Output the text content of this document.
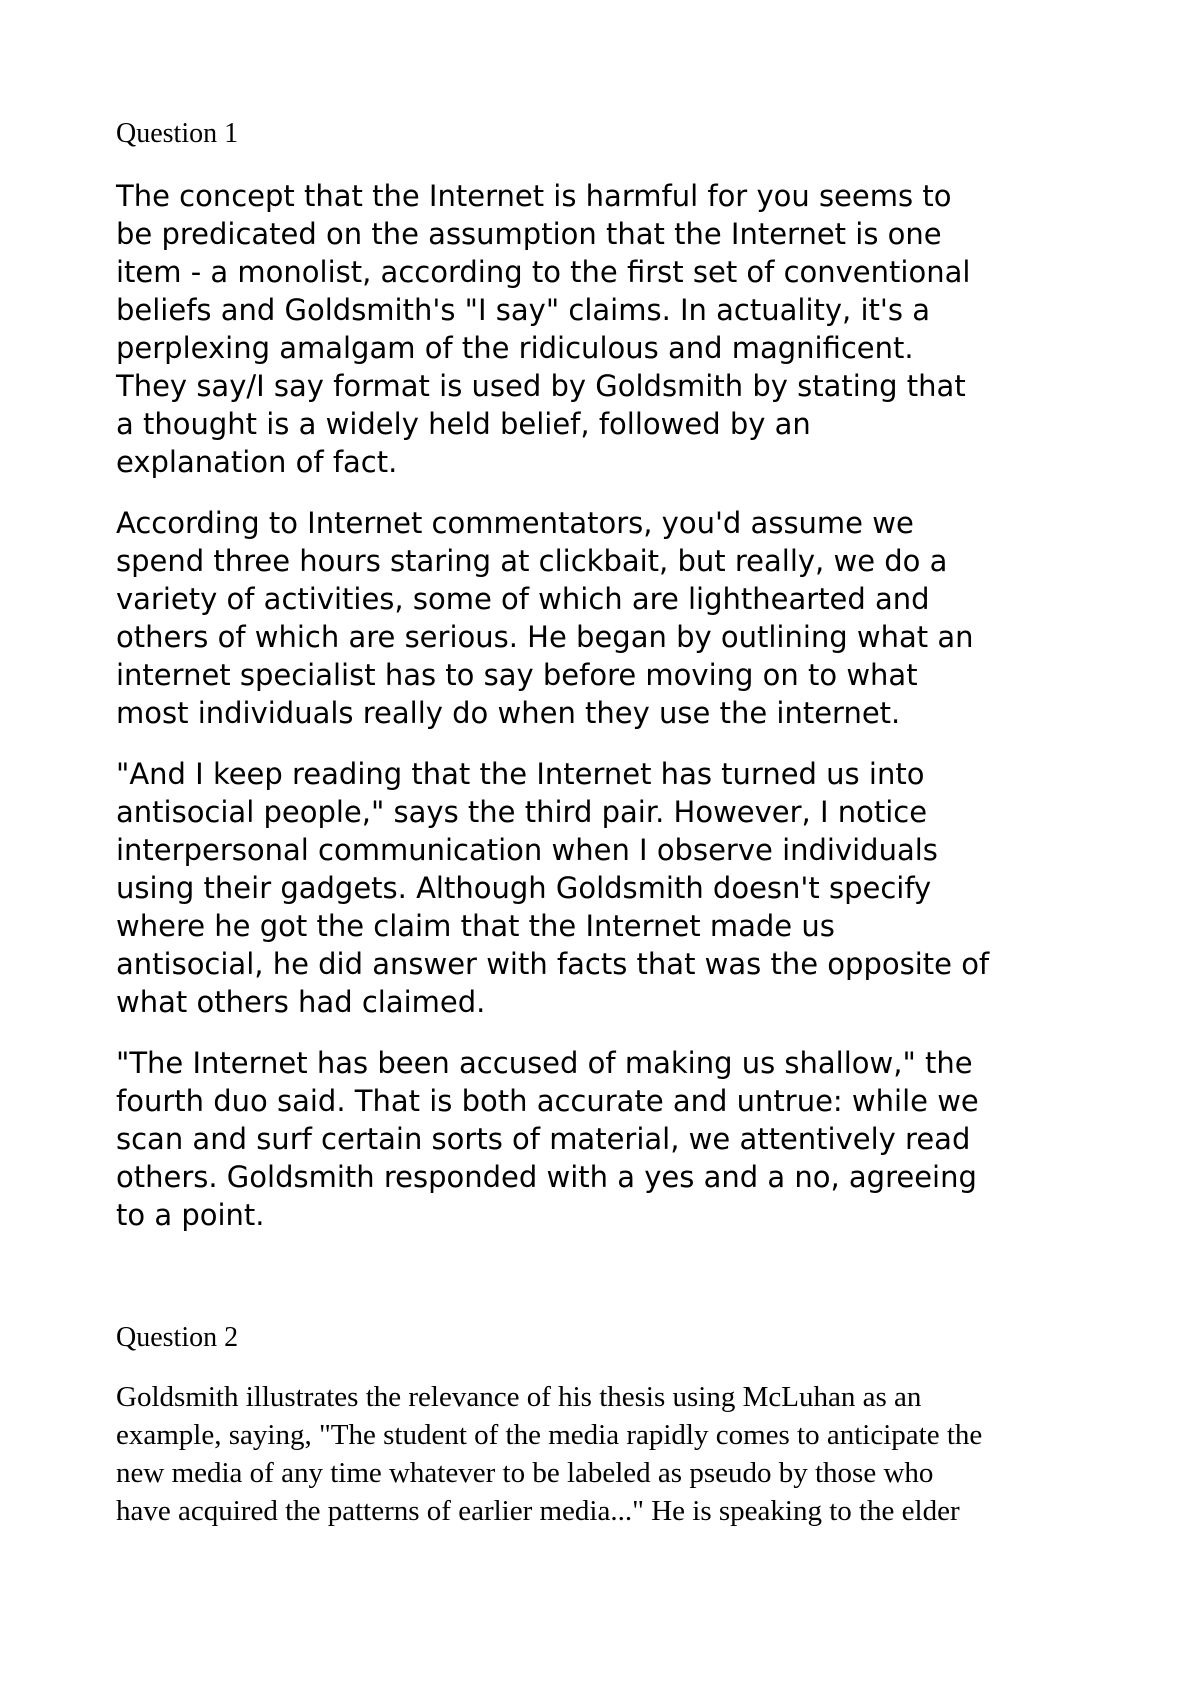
Question 1

The concept that the Internet is harmful for you seems to

be predicated on the assumption that the Internet is one

item - a monolist, according to the first set of conventional

beliefs and Goldsmith's "I say" claims. In actuality, it's a

perplexing amalgam of the ridiculous and magnificent.

They say/I say format is used by Goldsmith by stating that

a thought is a widely held belief, followed by an

explanation of fact.

According to Internet commentators, you'd assume we

spend three hours staring at clickbait, but really, we do a

variety of activities, some of which are lighthearted and

others of which are serious. He began by outlining what an

internet specialist has to say before moving on to what

most individuals really do when they use the internet.

"And I keep reading that the Internet has turned us into

antisocial people," says the third pair. However, I notice

interpersonal communication when I observe individuals

using their gadgets. Although Goldsmith doesn't specify

where he got the claim that the Internet made us

antisocial, he did answer with facts that was the opposite of

what others had claimed.

"The Internet has been accused of making us shallow," the

fourth duo said. That is both accurate and untrue: while we

scan and surf certain sorts of material, we attentively read

others. Goldsmith responded with a yes and a no, agreeing

to a point.

Question 2

Goldsmith illustrates the relevance of his thesis using McLuhan as an

example, saying, "The student of the media rapidly comes to anticipate the

new media of any time whatever to be labeled as pseudo by those who

have acquired the patterns of earlier media..." He is speaking to the elder
